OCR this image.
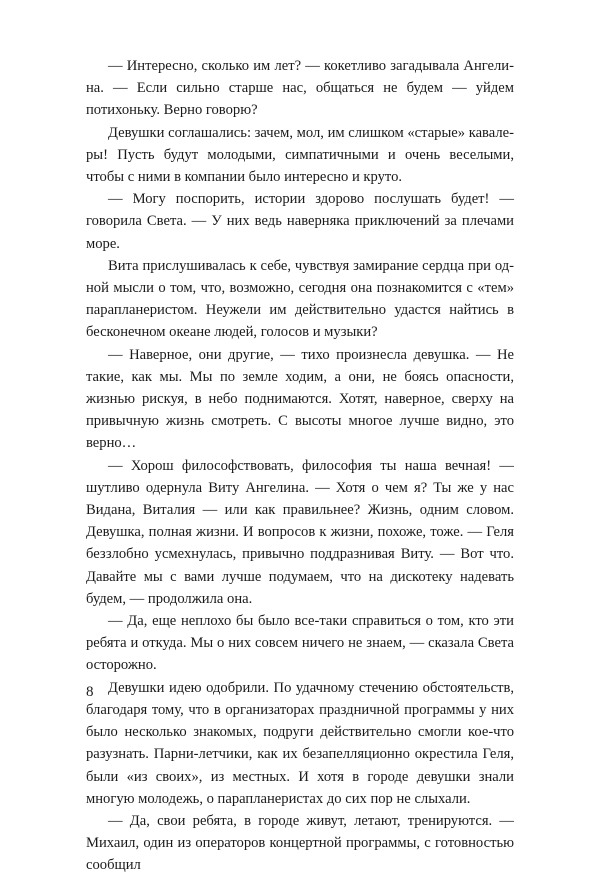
— Интересно, сколько им лет? — кокетливо загадывала Ангелина. — Если сильно старше нас, общаться не будем — уйдем потихоньку. Верно говорю?

Девушки соглашались: зачем, мол, им слишком «старые» кавалеры! Пусть будут молодыми, симпатичными и очень веселыми, чтобы с ними в компании было интересно и круто.

— Могу поспорить, истории здорово послушать будет! — говорила Света. — У них ведь наверняка приключений за плечами море.

Вита прислушивалась к себе, чувствуя замирание сердца при одной мысли о том, что, возможно, сегодня она познакомится с «тем» парапланеристом. Неужели им действительно удастся найтись в бесконечном океане людей, голосов и музыки?

— Наверное, они другие, — тихо произнесла девушка. — Не такие, как мы. Мы по земле ходим, а они, не боясь опасности, жизнью рискуя, в небо поднимаются. Хотят, наверное, сверху на привычную жизнь смотреть. С высоты многое лучше видно, это верно…

— Хорош философствовать, философия ты наша вечная! — шутливо одернула Виту Ангелина. — Хотя о чем я? Ты же у нас Видана, Виталия — или как правильнее? Жизнь, одним словом. Девушка, полная жизни. И вопросов к жизни, похоже, тоже. — Геля беззлобно усмехнулась, привычно поддразнивая Виту. — Вот что. Давайте мы с вами лучше подумаем, что на дискотеку надевать будем, — продолжила она.

— Да, еще неплохо бы было все-таки справиться о том, кто эти ребята и откуда. Мы о них совсем ничего не знаем, — сказала Света осторожно.

Девушки идею одобрили. По удачному стечению обстоятельств, благодаря тому, что в организаторах праздничной программы у них было несколько знакомых, подруги действительно смогли кое-что разузнать. Парни-летчики, как их безапелляционно окрестила Геля, были «из своих», из местных. И хотя в городе девушки знали многую молодежь, о парапланеристах до сих пор не слыхали.

— Да, свои ребята, в городе живут, летают, тренируются. — Михаил, один из операторов концертной программы, с готовностью сообщил

8
